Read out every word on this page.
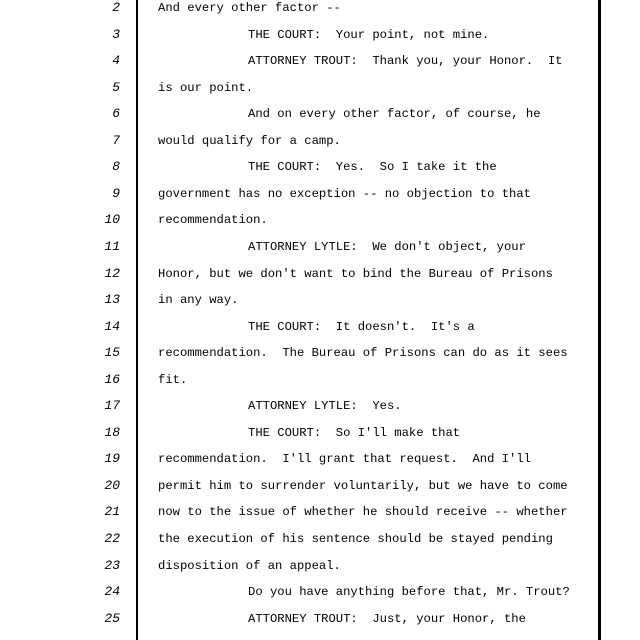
2	And every other factor --
3	THE COURT:  Your point, not mine.
4	ATTORNEY TROUT:  Thank you, your Honor.  It
5	is our point.
6	And on every other factor, of course, he
7	would qualify for a camp.
8	THE COURT:  Yes.  So I take it the
9	government has no exception -- no objection to that
10	recommendation.
11	ATTORNEY LYTLE:  We don't object, your
12	Honor, but we don't want to bind the Bureau of Prisons
13	in any way.
14	THE COURT:  It doesn't.  It's a
15	recommendation.  The Bureau of Prisons can do as it sees
16	fit.
17	ATTORNEY LYTLE:  Yes.
18	THE COURT:  So I'll make that
19	recommendation.  I'll grant that request.  And I'll
20	permit him to surrender voluntarily, but we have to come
21	now to the issue of whether he should receive -- whether
22	the execution of his sentence should be stayed pending
23	disposition of an appeal.
24	Do you have anything before that, Mr. Trout?
25	ATTORNEY TROUT:  Just, your Honor, the
